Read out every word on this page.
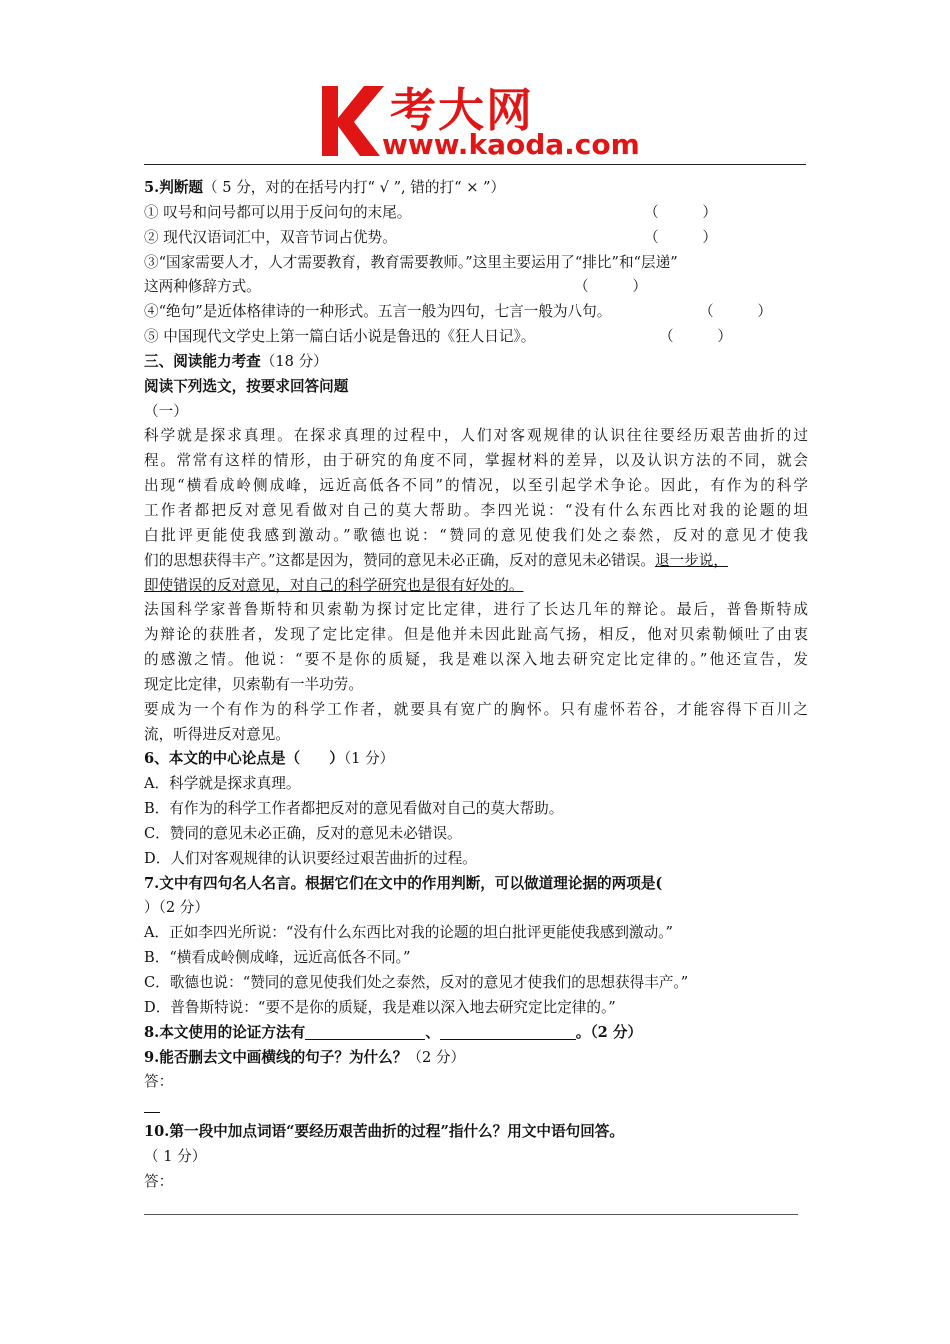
考大网
www.kaoda.com
5.判断题（ 5 分，对的在括号内打“ √ ”, 错的打“ × ”）
① 叹号和问号都可以用于反问句的末尾。	（　　　）
② 现代汉语词汇中，双音节词占优势。	（　　　）
③“国家需要人才，人才需要教育，教育需要教师。”这里主要运用了“排比”和“层递”
这两种修辞方式。	（　　　）
④“绝句”是近体格律诗的一种形式。五言一般为四句，七言一般为八句。	（　　　）
⑤ 中国现代文学史上第一篇白话小说是鲁迅的《狂人日记》。	（　　　）
三、阅读能力考查（18 分）
阅读下列选文，按要求回答问题
（一）
科学就是探求真理。在探求真理的过程中，人们对客观规律的认识往往要经历艰苦曲折的过
程。常常有这样的情形，由于研究的角度不同，掌握材料的差异，以及认识方法的不同，就会
出现“横看成岭侧成峰，远近高低各不同”的情况，以至引起学术争论。因此，有作为的科学
工作者都把反对意见看做对自己的莫大帮助。李四光说：“没有什么东西比对我的论题的坦
白批评更能使我感到激动。”歌德也说：“赞同的意见使我们处之泰然，反对的意见才使我
们的思想获得丰产。”这都是因为，赞同的意见未必正确，反对的意见未必错误。退一步说，
即使错误的反对意见，对自己的科学研究也是很有好处的。
法国科学家普鲁斯特和贝索勒为探讨定比定律，进行了长达几年的辩论。最后，普鲁斯特成
为辩论的获胜者，发现了定比定律。但是他并未因此趾高气扬，相反，他对贝索勒倾吐了由衷
的感激之情。他说：“要不是你的质疑，我是难以深入地去研究定比定律的。”他还宣告，发
现定比定律，贝索勒有一半功劳。
要成为一个有作为的科学工作者，就要具有宽广的胸怀。只有虚怀若谷，才能容得下百川之
流，听得进反对意见。
6、本文的中心论点是（　　）（1 分）
A．科学就是探求真理。
B．有作为的科学工作者都把反对的意见看做对自己的莫大帮助。
C．赞同的意见未必正确，反对的意见未必错误。
D．人们对客观规律的认识要经过艰苦曲折的过程。
7.文中有四句名人名言。根据它们在文中的作用判断，可以做道理论据的两项是(
）（2 分）
A．正如李四光所说：“没有什么东西比对我的论题的坦白批评更能使我感到激动。”
B．“横看成岭侧成峰，远近高低各不同。”
C．歌德也说：“赞同的意见使我们处之泰然，反对的意见才使我们的思想获得丰产。”
D．普鲁斯特说：“要不是你的质疑，我是难以深入地去研究定比定律的。”
8.本文使用的论证方法有	、	。（2 分）
9.能否删去文中画横线的句子？为什么？（2 分）
答：
10.第一段中加点词语“要经历艰苦曲折的过程”指什么？用文中语句回答。
（ 1 分）
答：
